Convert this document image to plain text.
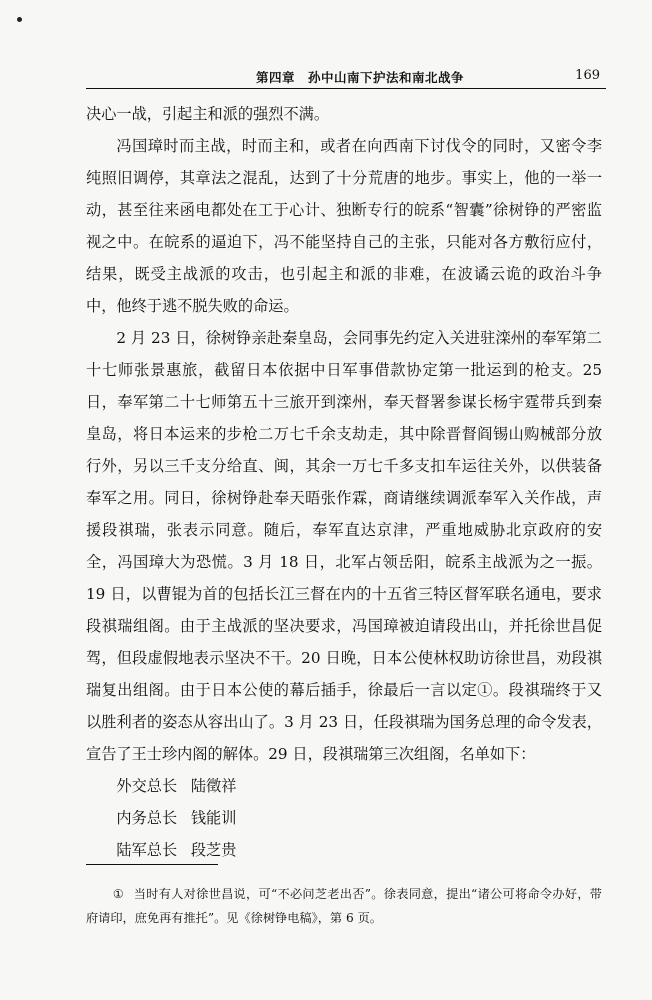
第四章　孙中山南下护法和南北战争	169

决心一战，引起主和派的强烈不满。

冯国璋时而主战，时而主和，或者在向西南下讨伐令的同时，又密令李纯照旧调停，其章法之混乱，达到了十分荒唐的地步。事实上，他的一举一动，甚至往来函电都处在工于心计、独断专行的皖系“智囊”徐树铮的严密监视之中。在皖系的逼迫下，冯不能坚持自己的主张，只能对各方敷衍应付，结果，既受主战派的攻击，也引起主和派的非难，在波谲云诡的政治斗争中，他终于逃不脱失败的命运。

2 月 23 日，徐树铮亲赴秦皇岛，会同事先约定入关进驻滦州的奉军第二十七师张景惠旅，截留日本依据中日军事借款协定第一批运到的枪支。25 日，奉军第二十七师第五十三旅开到滦州，奉天督署参谋长杨宇霆带兵到秦皇岛，将日本运来的步枪二万七千余支劫走，其中除晋督阎锡山购械部分放行外，另以三千支分给直、闽，其余一万七千多支扣车运往关外，以供装备奉军之用。同日，徐树铮赴奉天晤张作霖，商请继续调派奉军入关作战，声援段祺瑞，张表示同意。随后，奉军直达京津，严重地威胁北京政府的安全，冯国璋大为恐慌。3 月 18 日，北军占领岳阳，皖系主战派为之一振。19 日，以曹锟为首的包括长江三督在内的十五省三特区督军联名通电，要求段祺瑞组阁。由于主战派的坚决要求，冯国璋被迫请段出山，并托徐世昌促驾，但段虚假地表示坚决不干。20 日晚，日本公使林权助访徐世昌，劝段祺瑞复出组阁。由于日本公使的幕后插手，徐最后一言以定①。段祺瑞终于又以胜利者的姿态从容出山了。3 月 23 日，任段祺瑞为国务总理的命令发表，宣告了王士珍内阁的解体。29 日，段祺瑞第三次组阁，名单如下：

外交总长 陆徵祥

内务总长 钱能训

陆军总长 段芝贵

① 当时有人对徐世昌说，可“不必问芝老出否”。徐表同意，提出“诸公可将命令办好，带府请印，庶免再有推托”。见《徐树铮电稿》，第 6 页。
